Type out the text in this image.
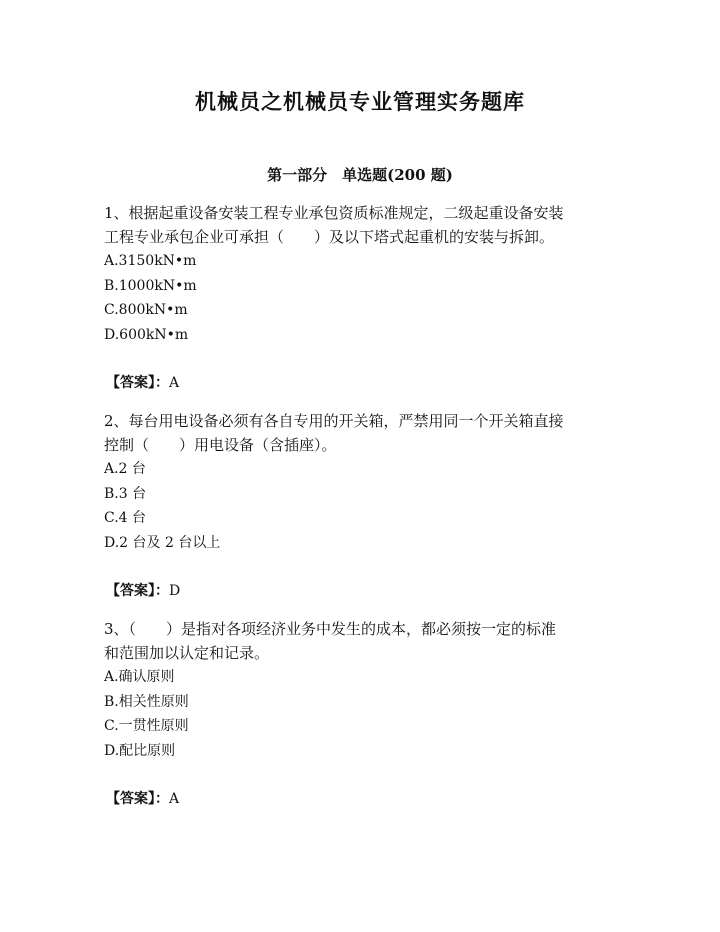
机械员之机械员专业管理实务题库
第一部分　单选题(200 题)

1、根据起重设备安装工程专业承包资质标准规定，二级起重设备安装

工程专业承包企业可承担（　　）及以下塔式起重机的安装与拆卸。

A.3150kN•m

B.1000kN•m

C.800kN•m

D.600kN•m

【答案】：A

2、每台用电设备必须有各自专用的开关箱，严禁用同一个开关箱直接

控制（　　）用电设备（含插座）。

A.2 台

B.3 台

C.4 台

D.2 台及 2 台以上

【答案】：D

3、（　　）是指对各项经济业务中发生的成本，都必须按一定的标准

和范围加以认定和记录。

A.确认原则

B.相关性原则

C.一贯性原则

D.配比原则

【答案】：A
